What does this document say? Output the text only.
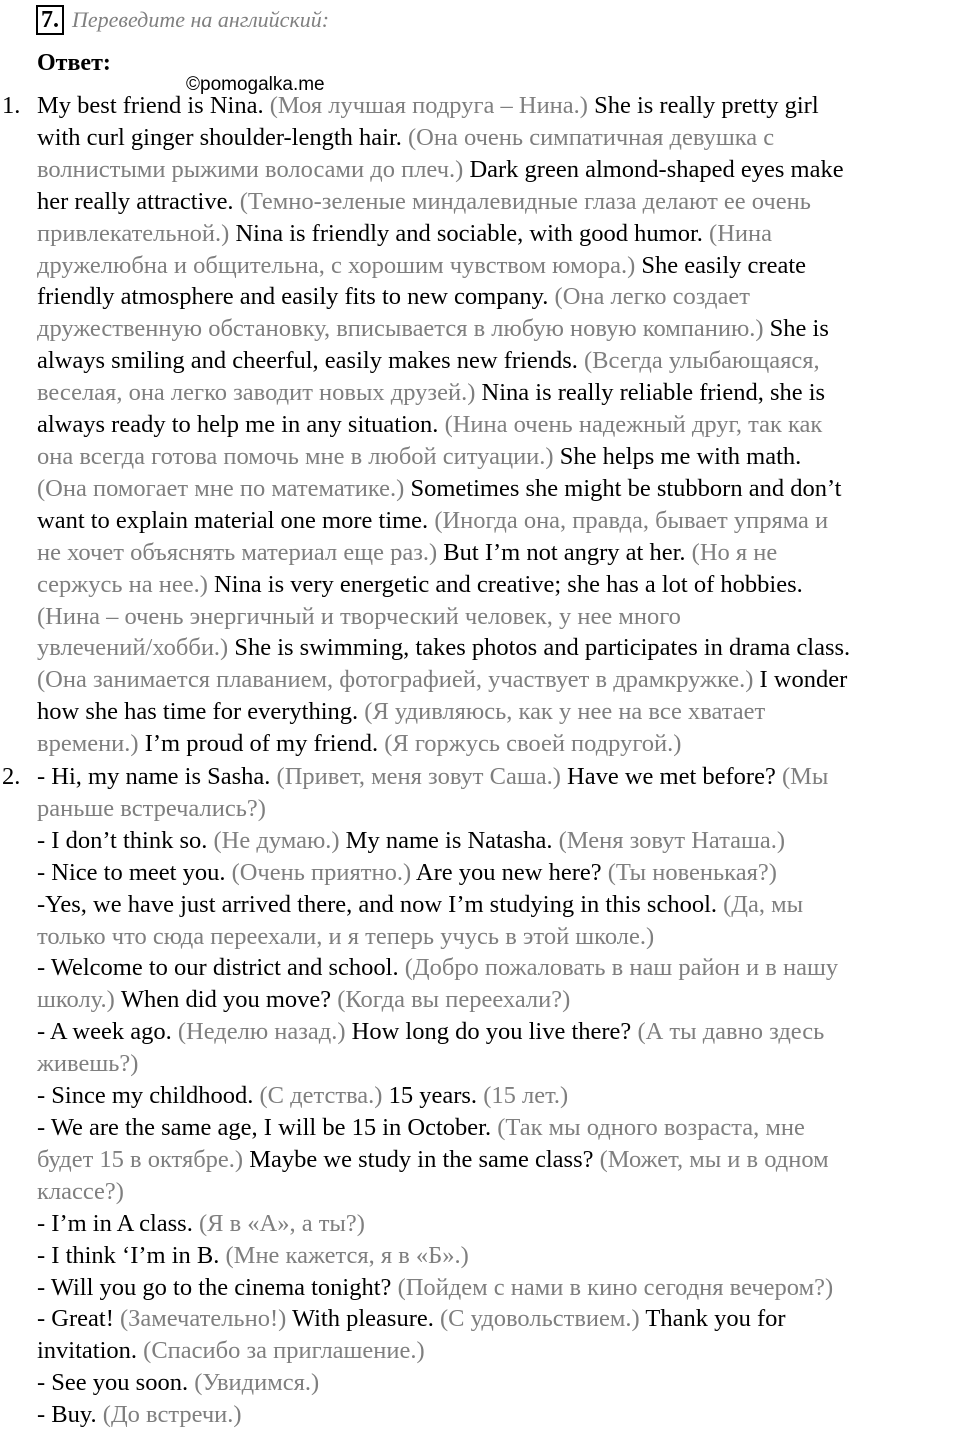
7. Переведите на английский:
Ответ:
©pomogalka.me
1. My best friend is Nina. (Моя лучшая подруга – Нина.) She is really pretty girl
with curl ginger shoulder-length hair. (Она очень симпатичная девушка с
волнистыми рыжими волосами до плеч.) Dark green almond-shaped eyes make
her really attractive. (Темно-зеленые миндалевидные глаза делают ее очень
привлекательной.) Nina is friendly and sociable, with good humor. (Нина
дружелюбна и общительна, с хорошим чувством юмора.) She easily create
friendly atmosphere and easily fits to new company. (Она легко создает
дружественную обстановку, вписывается в любую новую компанию.) She is
always smiling and cheerful, easily makes new friends. (Всегда улыбающаяся,
веселая, она легко заводит новых друзей.) Nina is really reliable friend, she is
always ready to help me in any situation. (Нина очень надежный друг, так как
она всегда готова помочь мне в любой ситуации.) She helps me with math.
(Она помогает мне по математике.) Sometimes she might be stubborn and don’t
want to explain material one more time. (Иногда она, правда, бывает упряма и
не хочет объяснять материал еще раз.) But I’m not angry at her. (Но я не
сержусь на нее.) Nina is very energetic and creative; she has a lot of hobbies.
(Нина – очень энергичный и творческий человек, у нее много
увлечений/хобби.) She is swimming, takes photos and participates in drama class.
(Она занимается плаванием, фотографией, участвует в драмкружке.) I wonder
how she has time for everything. (Я удивляюсь, как у нее на все хватает
времени.) I’m proud of my friend. (Я горжусь своей подругой.)
2. - Hi, my name is Sasha. (Привет, меня зовут Саша.) Have we met before? (Мы
раньше встречались?)
- I don’t think so. (Не думаю.) My name is Natasha. (Меня зовут Наташа.)
- Nice to meet you. (Очень приятно.) Are you new here? (Ты новенькая?)
-Yes, we have just arrived there, and now I’m studying in this school. (Да, мы
только что сюда переехали, и я теперь учусь в этой школе.)
- Welcome to our district and school. (Добро пожаловать в наш район и в нашу
школу.) When did you move? (Когда вы переехали?)
- A week ago. (Неделю назад.) How long do you live there? (А ты давно здесь
живешь?)
- Since my childhood. (С детства.) 15 years. (15 лет.)
- We are the same age, I will be 15 in October. (Так мы одного возраста, мне
будет 15 в октябре.) Maybe we study in the same class? (Может, мы и в одном
классе?)
- I’m in A class. (Я в «А», а ты?)
- I think ‘I’m in B. (Мне кажется, я в «Б».)
- Will you go to the cinema tonight? (Пойдем с нами в кино сегодня вечером?)
- Great! (Замечательно!) With pleasure. (С удовольствием.) Thank you for
invitation. (Спасибо за приглашение.)
- See you soon. (Увидимся.)
- Buy. (До встречи.)
